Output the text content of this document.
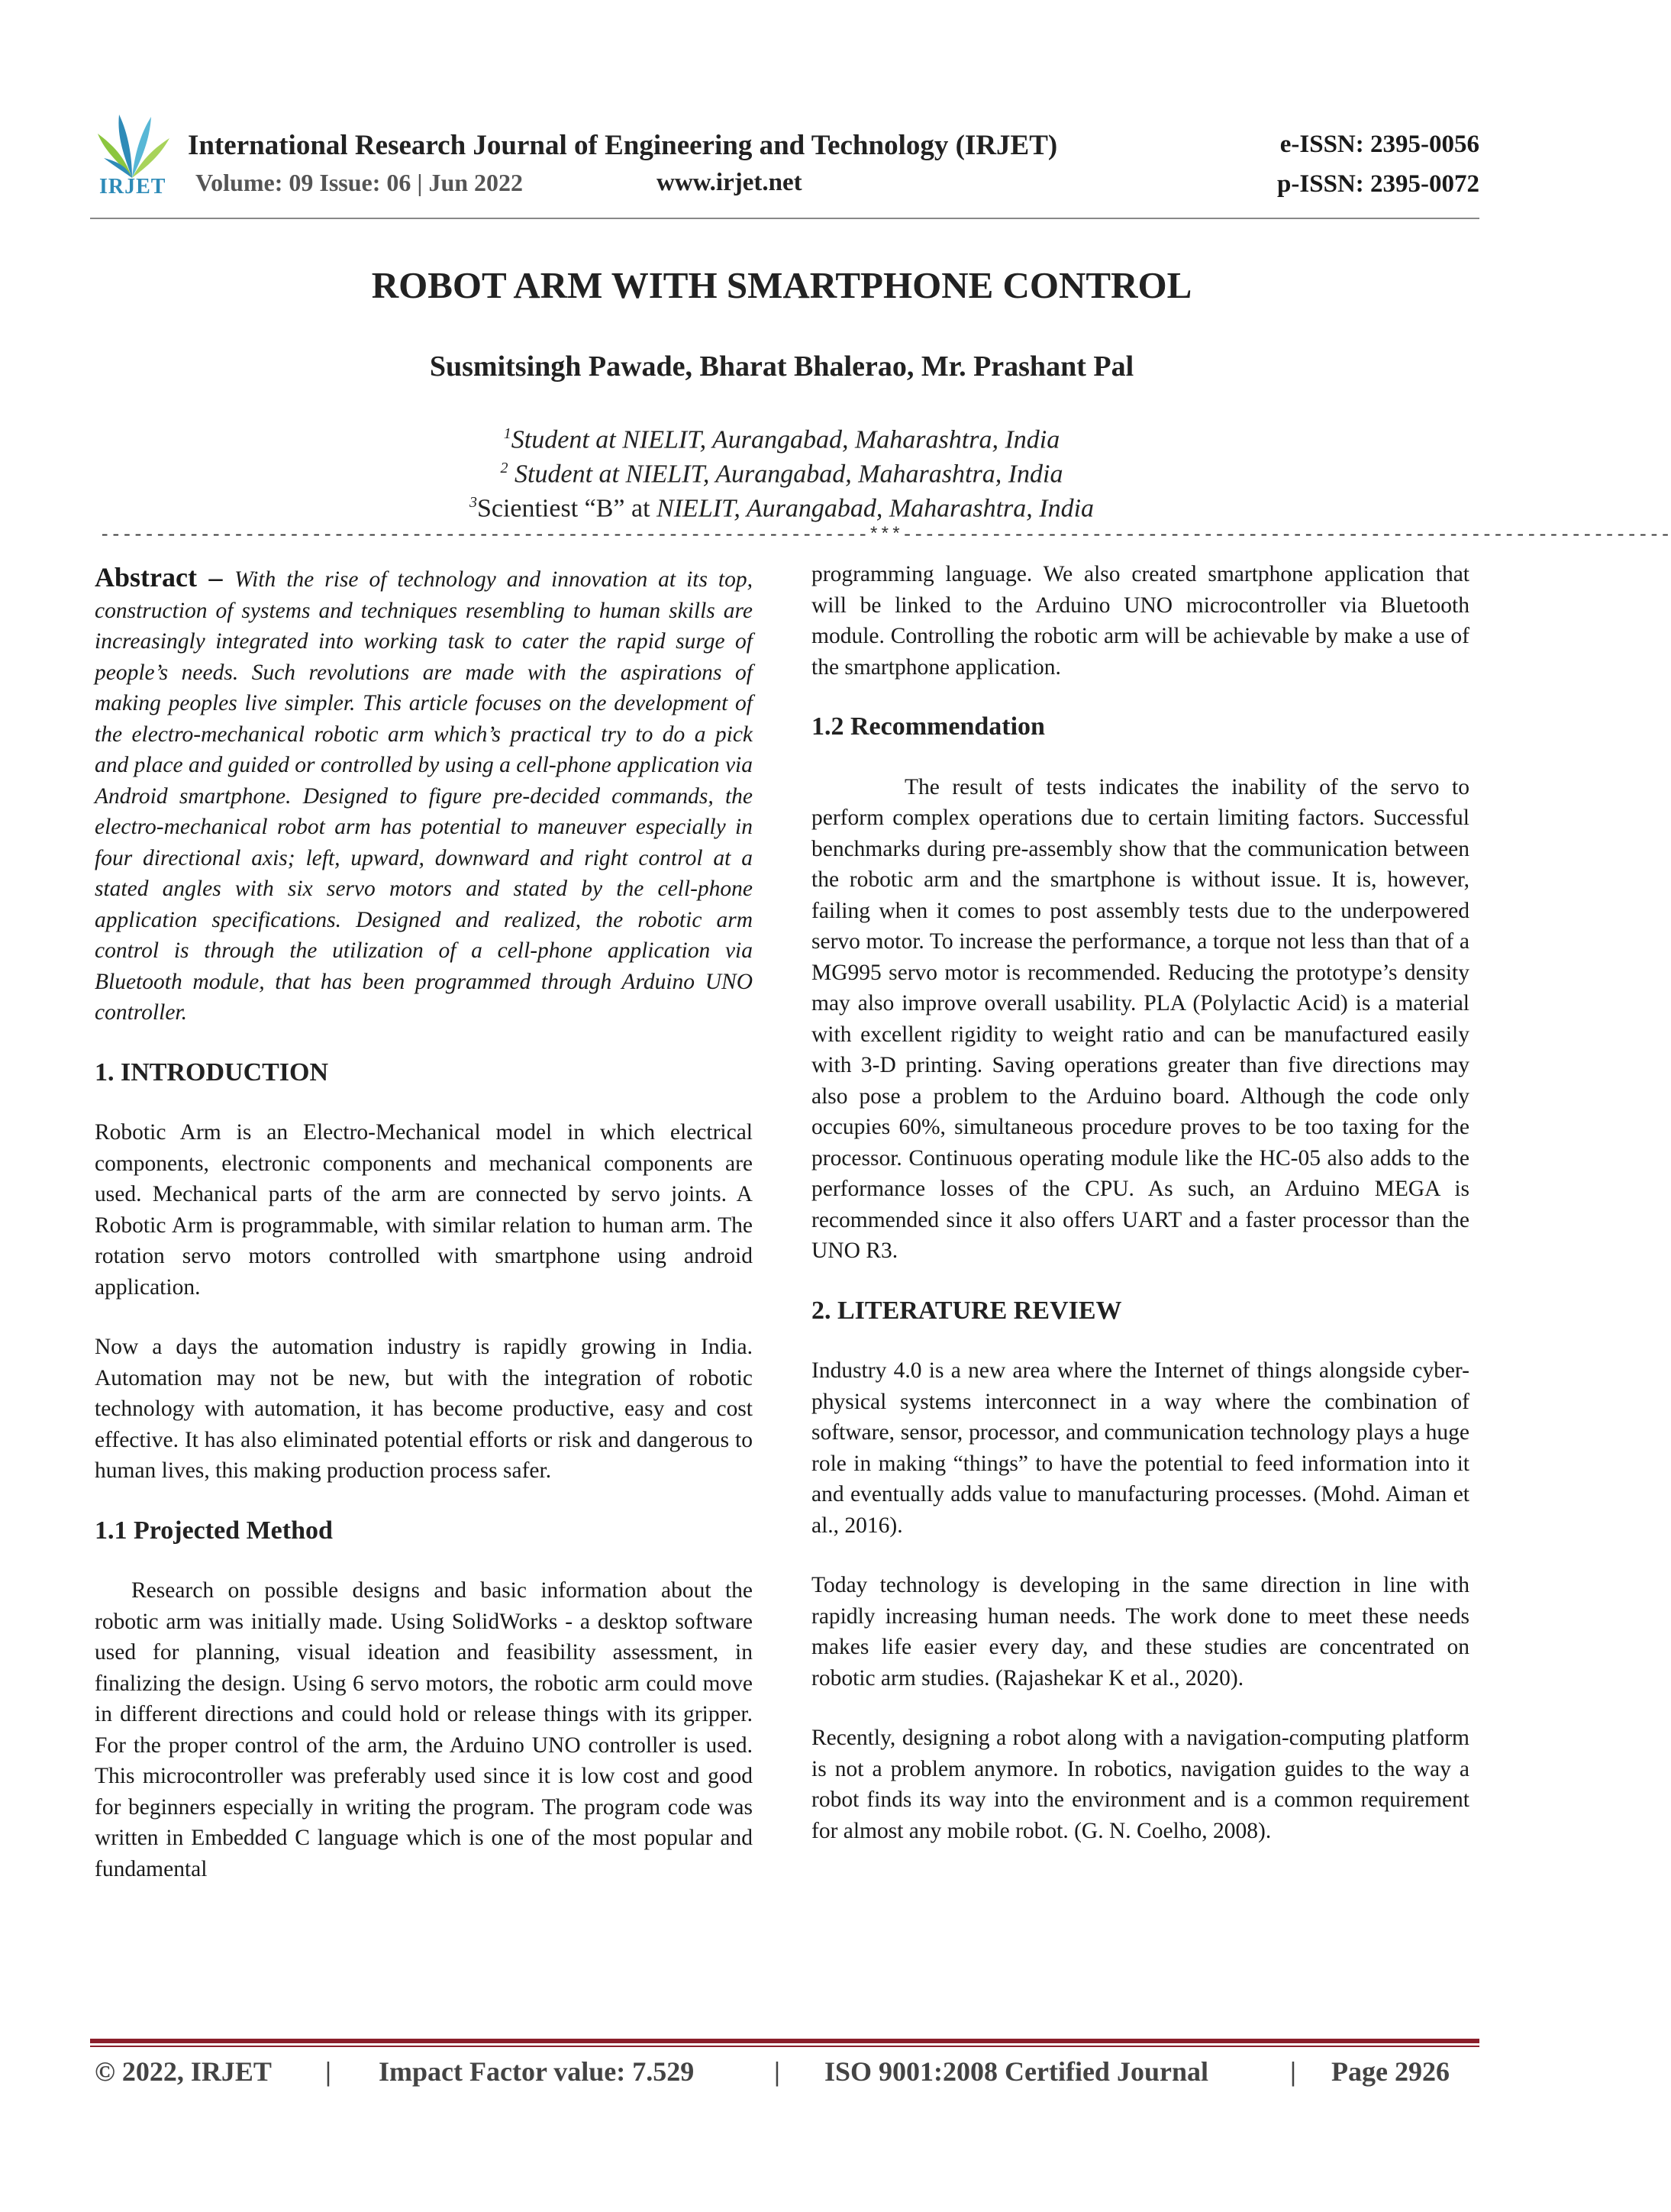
IRJET
International Research Journal of Engineering and Technology (IRJET)	e-ISSN: 2395-0056
Volume: 09 Issue: 06 | Jun 2022	www.irjet.net	p-ISSN: 2395-0072
ROBOT ARM WITH SMARTPHONE CONTROL
Susmitsingh Pawade, Bharat Bhalerao, Mr. Prashant Pal
$^1$Student at NIELIT, Aurangabad, Maharashtra, India
$^2$ Student at NIELIT, Aurangabad, Maharashtra, India
$^3$Scientiest “B” at NIELIT, Aurangabad, Maharashtra, India
---------------------------------------------------------------------***---------------------------------------------------------------------

Abstract – With the rise of technology and innovation at its top, construction of systems and techniques resembling to human skills are increasingly integrated into working task to cater the rapid surge of people’s needs. Such revolutions are made with the aspirations of making peoples live simpler. This article focuses on the development of the electro-mechanical robotic arm which’s practical try to do a pick and place and guided or controlled by using a cell-phone application via Android smartphone. Designed to figure pre-decided commands, the electro-mechanical robot arm has potential to maneuver especially in four directional axis; left, upward, downward and right control at a stated angles with six servo motors and stated by the cell-phone application specifications. Designed and realized, the robotic arm control is through the utilization of a cell-phone application via Bluetooth module, that has been programmed through Arduino UNO controller.

1. INTRODUCTION

Robotic Arm is an Electro-Mechanical model in which electrical components, electronic components and mechanical components are used. Mechanical parts of the arm are connected by servo joints. A Robotic Arm is programmable, with similar relation to human arm. The rotation servo motors controlled with smartphone using android application.

Now a days the automation industry is rapidly growing in India. Automation may not be new, but with the integration of robotic technology with automation, it has become productive, easy and cost effective. It has also eliminated potential efforts or risk and dangerous to human lives, this making production process safer.

1.1 Projected Method

Research on possible designs and basic information about the robotic arm was initially made. Using SolidWorks - a desktop software used for planning, visual ideation and feasibility assessment, in finalizing the design. Using 6 servo motors, the robotic arm could move in different directions and could hold or release things with its gripper. For the proper control of the arm, the Arduino UNO controller is used. This microcontroller was preferably used since it is low cost and good for beginners especially in writing the program. The program code was written in Embedded C language which is one of the most popular and fundamental

programming language. We also created smartphone application that will be linked to the Arduino UNO microcontroller via Bluetooth module. Controlling the robotic arm will be achievable by make a use of the smartphone application.

1.2 Recommendation

The result of tests indicates the inability of the servo to perform complex operations due to certain limiting factors. Successful benchmarks during pre-assembly show that the communication between the robotic arm and the smartphone is without issue. It is, however, failing when it comes to post assembly tests due to the underpowered servo motor. To increase the performance, a torque not less than that of a MG995 servo motor is recommended. Reducing the prototype’s density may also improve overall usability. PLA (Polylactic Acid) is a material with excellent rigidity to weight ratio and can be manufactured easily with 3-D printing. Saving operations greater than five directions may also pose a problem to the Arduino board. Although the code only occupies 60%, simultaneous procedure proves to be too taxing for the processor. Continuous operating module like the HC-05 also adds to the performance losses of the CPU. As such, an Arduino MEGA is recommended since it also offers UART and a faster processor than the UNO R3.

2. LITERATURE REVIEW

Industry 4.0 is a new area where the Internet of things alongside cyber-physical systems interconnect in a way where the combination of software, sensor, processor, and communication technology plays a huge role in making “things” to have the potential to feed information into it and eventually adds value to manufacturing processes. (Mohd. Aiman et al., 2016).

Today technology is developing in the same direction in line with rapidly increasing human needs. The work done to meet these needs makes life easier every day, and these studies are concentrated on robotic arm studies. (Rajashekar K et al., 2020).

Recently, designing a robot along with a navigation-computing platform is not a problem anymore. In robotics, navigation guides to the way a robot finds its way into the environment and is a common requirement for almost any mobile robot. (G. N. Coelho, 2008).

© 2022, IRJET | Impact Factor value: 7.529	| ISO 9001:2008 Certified Journal	| Page 2926
